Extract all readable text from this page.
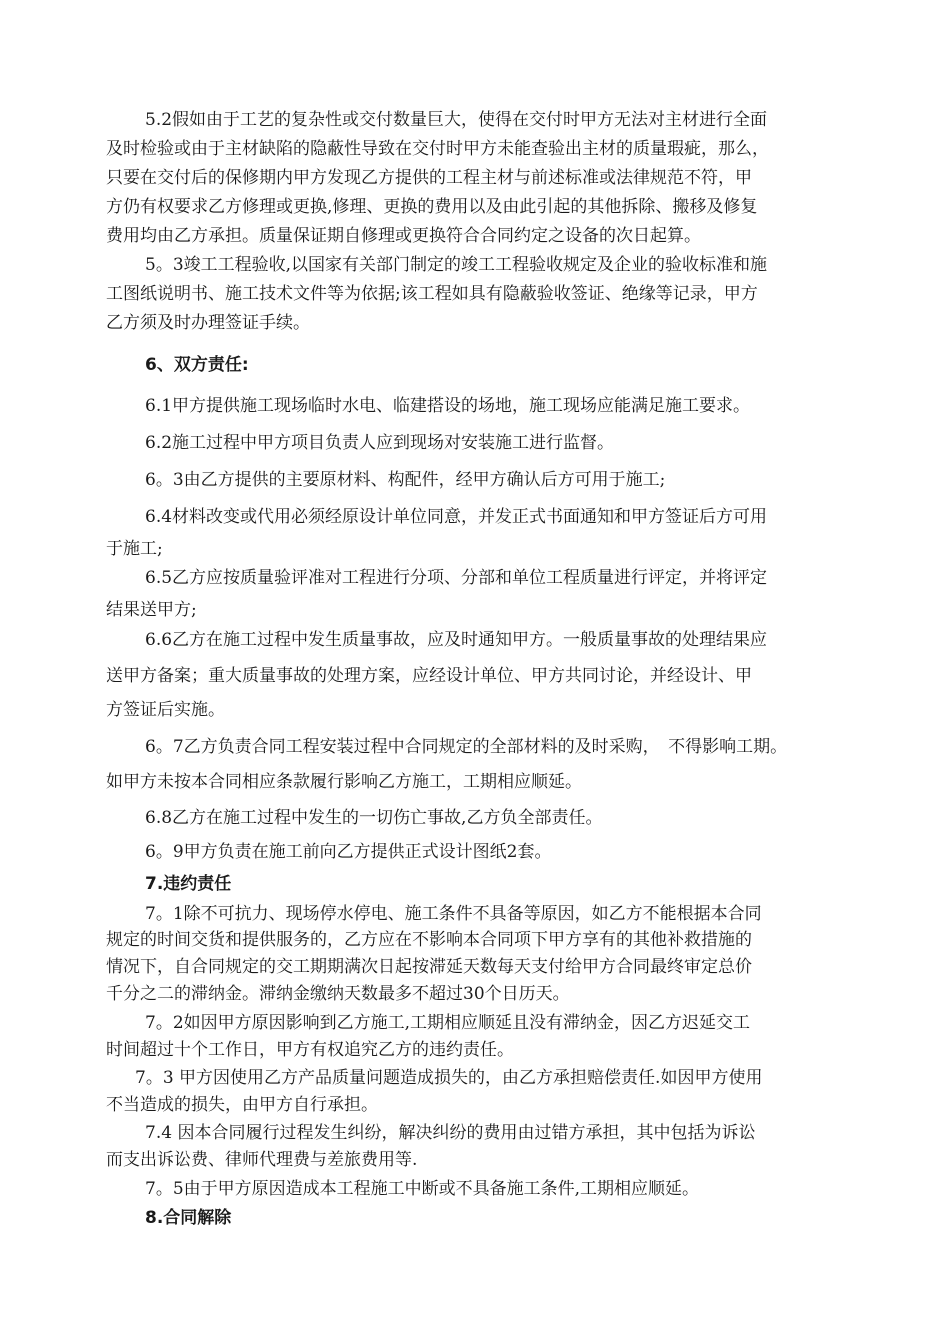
5.2假如由于工艺的复杂性或交付数量巨大，使得在交付时甲方无法对主材进行全面
及时检验或由于主材缺陷的隐蔽性导致在交付时甲方未能查验出主材的质量瑕疵，那么，
只要在交付后的保修期内甲方发现乙方提供的工程主材与前述标准或法律规范不符，甲
方仍有权要求乙方修理或更换,修理、更换的费用以及由此引起的其他拆除、搬移及修复
费用均由乙方承担。质量保证期自修理或更换符合合同约定之设备的次日起算。
5。3竣工工程验收,以国家有关部门制定的竣工工程验收规定及企业的验收标准和施
工图纸说明书、施工技术文件等为依据;该工程如具有隐蔽验收签证、绝缘等记录，甲方
乙方须及时办理签证手续。
6、双方责任:
6.1甲方提供施工现场临时水电、临建搭设的场地，施工现场应能满足施工要求。
6.2施工过程中甲方项目负责人应到现场对安装施工进行监督。
6。3由乙方提供的主要原材料、构配件，经甲方确认后方可用于施工;
6.4材料改变或代用必须经原设计单位同意，并发正式书面通知和甲方签证后方可用
于施工;
6.5乙方应按质量验评准对工程进行分项、分部和单位工程质量进行评定，并将评定
结果送甲方;
6.6乙方在施工过程中发生质量事故，应及时通知甲方。一般质量事故的处理结果应
送甲方备案；重大质量事故的处理方案，应经设计单位、甲方共同讨论，并经设计、甲
方签证后实施。
6。7乙方负责合同工程安装过程中合同规定的全部材料的及时采购，　不得影响工期。
如甲方未按本合同相应条款履行影响乙方施工，工期相应顺延。
6.8乙方在施工过程中发生的一切伤亡事故,乙方负全部责任。
6。9甲方负责在施工前向乙方提供正式设计图纸2套。
7.违约责任
7。1除不可抗力、现场停水停电、施工条件不具备等原因，如乙方不能根据本合同
规定的时间交货和提供服务的，乙方应在不影响本合同项下甲方享有的其他补救措施的
情况下，自合同规定的交工期期满次日起按滞延天数每天支付给甲方合同最终审定总价
千分之二的滞纳金。滞纳金缴纳天数最多不超过30个日历天。
7。2如因甲方原因影响到乙方施工,工期相应顺延且没有滞纳金，因乙方迟延交工
时间超过十个工作日，甲方有权追究乙方的违约责任。
7。3 甲方因使用乙方产品质量问题造成损失的，由乙方承担赔偿责任.如因甲方使用
不当造成的损失，由甲方自行承担。
7.4 因本合同履行过程发生纠纷，解决纠纷的费用由过错方承担，其中包括为诉讼
而支出诉讼费、律师代理费与差旅费用等.
7。5由于甲方原因造成本工程施工中断或不具备施工条件,工期相应顺延。
8.合同解除
